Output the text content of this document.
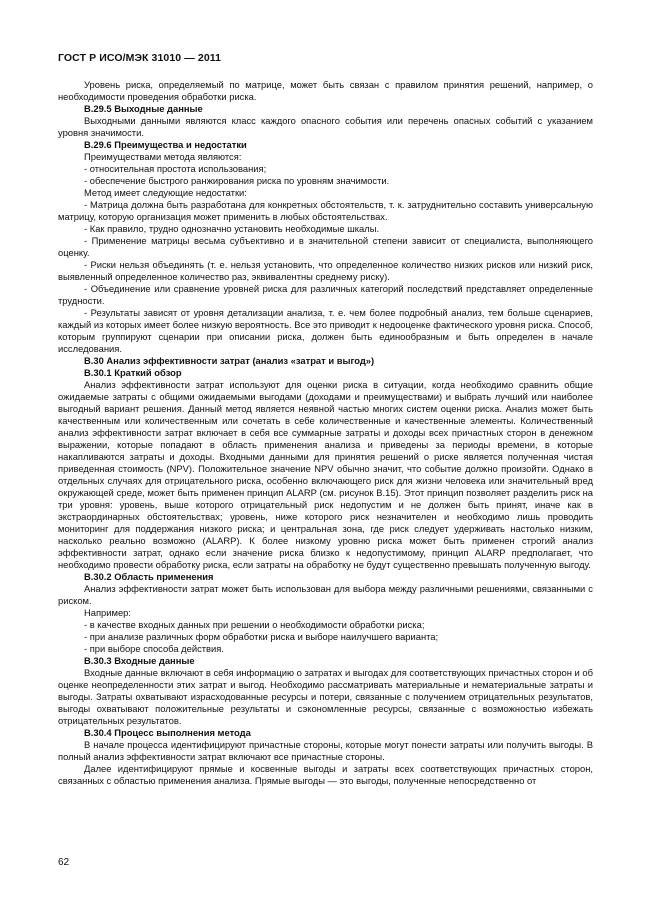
ГОСТ Р ИСО/МЭК 31010 — 2011

Уровень риска, определяемый по матрице, может быть связан с правилом принятия решений, например, о необходимости проведения обработки риска.

B.29.5 Выходные данные

Выходными данными являются класс каждого опасного события или перечень опасных событий с указанием уровня значимости.

B.29.6 Преимущества и недостатки

Преимуществами метода являются:

- относительная простота использования;

- обеспечение быстрого ранжирования риска по уровням значимости.

Метод имеет следующие недостатки:

- Матрица должна быть разработана для конкретных обстоятельств, т. к. затруднительно составить универсальную матрицу, которую организация может применить в любых обстоятельствах.

- Как правило, трудно однозначно установить необходимые шкалы.

- Применение матрицы весьма субъективно и в значительной степени зависит от специалиста, выполняющего оценку.

- Риски нельзя объединять (т. е. нельзя установить, что определенное количество низких рисков или низкий риск, выявленный определенное количество раз, эквивалентны среднему риску).

- Объединение или сравнение уровней риска для различных категорий последствий представляет определенные трудности.

- Результаты зависят от уровня детализации анализа, т. е. чем более подробный анализ, тем больше сценариев, каждый из которых имеет более низкую вероятность. Все это приводит к недооценке фактического уровня риска. Способ, которым группируют сценарии при описании риска, должен быть единообразным и быть определен в начале исследования.

B.30 Анализ эффективности затрат (анализ «затрат и выгод»)
B.30.1 Краткий обзор

Анализ эффективности затрат используют для оценки риска в ситуации, когда необходимо сравнить общие ожидаемые затраты с общими ожидаемыми выгодами (доходами и преимуществами) и выбрать лучший или наиболее выгодный вариант решения. Данный метод является неявной частью многих систем оценки риска. Анализ может быть качественным или количественным или сочетать в себе количественные и качественные элементы. Количественный анализ эффективности затрат включает в себя все суммарные затраты и доходы всех причастных сторон в денежном выражении, которые попадают в область применения анализа и приведены за периоды времени, в которые накапливаются затраты и доходы. Входными данными для принятия решений о риске является полученная чистая приведенная стоимость (NPV). Положительное значение NPV обычно значит, что событие должно произойти. Однако в отдельных случаях для отрицательного риска, особенно включающего риск для жизни человека или значительный вред окружающей среде, может быть применен принцип ALARP (см. рисунок B.15). Этот принцип позволяет разделить риск на три уровня: уровень, выше которого отрицательный риск недопустим и не должен быть принят, иначе как в экстраординарных обстоятельствах; уровень, ниже которого риск незначителен и необходимо лишь проводить мониторинг для поддержания низкого риска; и центральная зона, где риск следует удерживать настолько низким, насколько реально возможно (ALARP). К более низкому уровню риска может быть применен строгий анализ эффективности затрат, однако если значение риска близко к недопустимому, принцип ALARP предполагает, что необходимо провести обработку риска, если затраты на обработку не будут существенно превышать полученную выгоду.

B.30.2 Область применения

Анализ эффективности затрат может быть использован для выбора между различными решениями, связанными с риском.

Например:

- в качестве входных данных при решении о необходимости обработки риска;

- при анализе различных форм обработки риска и выборе наилучшего варианта;

- при выборе способа действия.

B.30.3 Входные данные

Входные данные включают в себя информацию о затратах и выгодах для соответствующих причастных сторон и об оценке неопределенности этих затрат и выгод. Необходимо рассматривать материальные и нематериальные затраты и выгоды. Затраты охватывают израсходованные ресурсы и потери, связанные с получением отрицательных результатов, выгоды охватывают положительные результаты и сэкономленные ресурсы, связанные с возможностью избежать отрицательных результатов.

B.30.4 Процесс выполнения метода

В начале процесса идентифицируют причастные стороны, которые могут понести затраты или получить выгоды. В полный анализ эффективности затрат включают все причастные стороны.

Далее идентифицируют прямые и косвенные выгоды и затраты всех соответствующих причастных сторон, связанных с областью применения анализа. Прямые выгоды — это выгоды, полученные непосредственно от

62
